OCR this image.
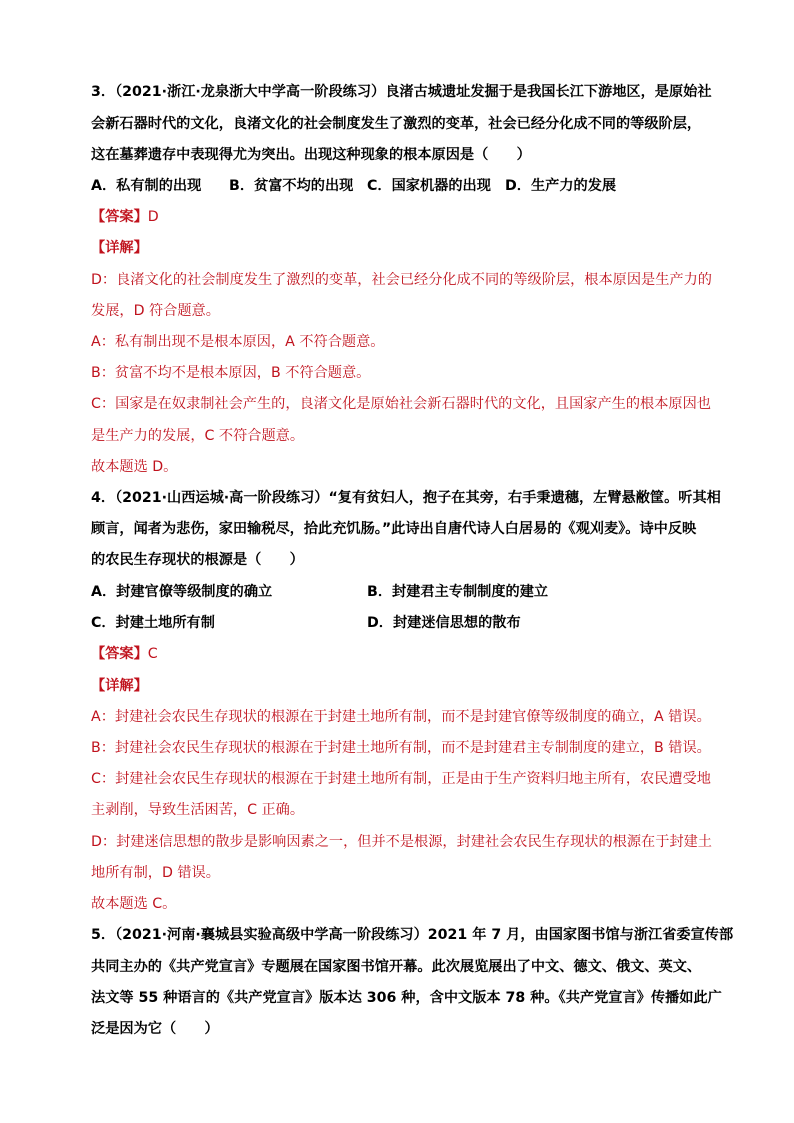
3．（2021·浙江·龙泉浙大中学高一阶段练习）良渚古城遗址发掘于是我国长江下游地区，是原始社
会新石器时代的文化，良渚文化的社会制度发生了激烈的变革，社会已经分化成不同的等级阶层，
这在墓葬遗存中表现得尤为突出。出现这种现象的根本原因是（　　）
A．私有制的出现 B．贫富不均的出现 C．国家机器的出现 D．生产力的发展
【答案】D
【详解】
D：良渚文化的社会制度发生了激烈的变革，社会已经分化成不同的等级阶层，根本原因是生产力的
发展，D 符合题意。
A：私有制出现不是根本原因，A 不符合题意。
B：贫富不均不是根本原因，B 不符合题意。
C：国家是在奴隶制社会产生的，良渚文化是原始社会新石器时代的文化，且国家产生的根本原因也
是生产力的发展，C 不符合题意。
故本题选 D。
4．（2021·山西运城·高一阶段练习）“复有贫妇人，抱子在其旁，右手秉遗穗，左臂悬敝筐。听其相
顾言，闻者为悲伤，家田输税尽，拾此充饥肠。”此诗出自唐代诗人白居易的《观刈麦》。诗中反映
的农民生存现状的根源是（　　）
A．封建官僚等级制度的确立	B．封建君主专制制度的建立
C．封建土地所有制	D．封建迷信思想的散布
【答案】C
【详解】
A：封建社会农民生存现状的根源在于封建土地所有制，而不是封建官僚等级制度的确立，A 错误。
B：封建社会农民生存现状的根源在于封建土地所有制，而不是封建君主专制制度的建立，B 错误。
C：封建社会农民生存现状的根源在于封建土地所有制，正是由于生产资料归地主所有，农民遭受地
主剥削，导致生活困苦，C 正确。
D：封建迷信思想的散步是影响因素之一，但并不是根源，封建社会农民生存现状的根源在于封建土
地所有制，D 错误。
故本题选 C。
5．（2021·河南·襄城县实验高级中学高一阶段练习）2021 年 7 月，由国家图书馆与浙江省委宣传部
共同主办的《共产党宣言》专题展在国家图书馆开幕。此次展览展出了中文、德文、俄文、英文、
法文等 55 种语言的《共产党宣言》版本达 306 种，含中文版本 78 种。《共产党宣言》传播如此广
泛是因为它（　　）
